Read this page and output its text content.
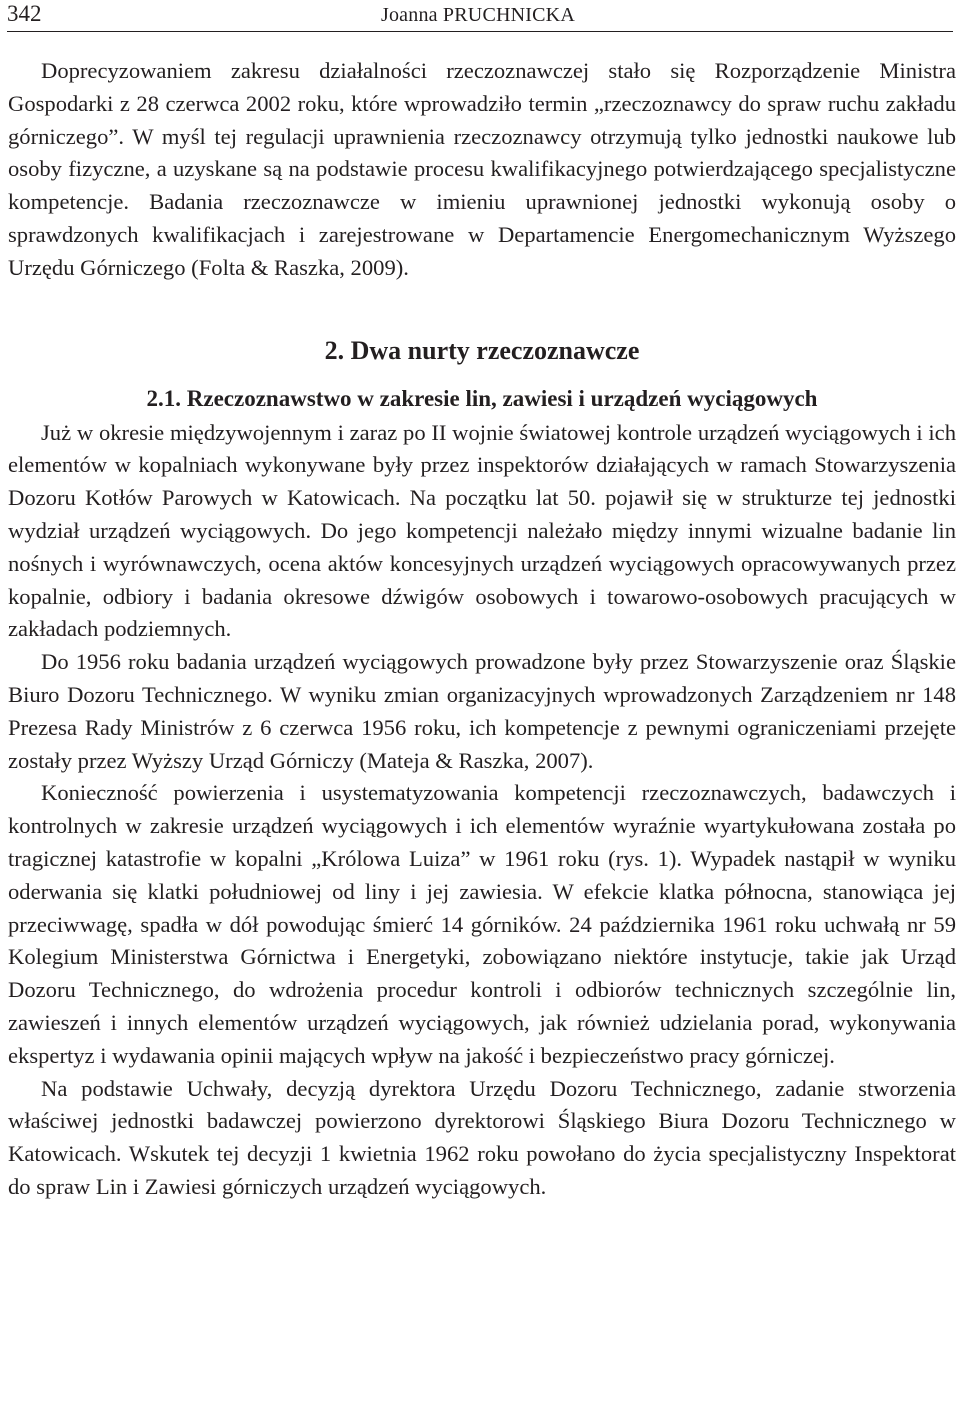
342	Joanna PRUCHNICKA

Doprecyzowaniem zakresu działalności rzeczoznawczej stało się Rozporządzenie Ministra Gospodarki z 28 czerwca 2002 roku, które wprowadziło termin „rzeczoznawcy do spraw ruchu zakładu górniczego”. W myśl tej regulacji uprawnienia rzeczoznawcy otrzymują tylko jednostki naukowe lub osoby fizyczne, a uzyskane są na podstawie procesu kwalifikacyjnego potwierdzającego specjalistyczne kompetencje. Badania rzeczoznawcze w imieniu uprawnionej jednostki wykonują osoby o sprawdzonych kwalifikacjach i zarejestrowane w Departamencie Energomechanicznym Wyższego Urzędu Górniczego (Folta & Raszka, 2009).

2. Dwa nurty rzeczoznawcze
2.1. Rzeczoznawstwo w zakresie lin, zawiesi i urządzeń wyciągowych

Już w okresie międzywojennym i zaraz po II wojnie światowej kontrole urządzeń wyciągowych i ich elementów w kopalniach wykonywane były przez inspektorów działających w ramach Stowarzyszenia Dozoru Kotłów Parowych w Katowicach. Na początku lat 50. pojawił się w strukturze tej jednostki wydział urządzeń wyciągowych. Do jego kompetencji należało między innymi wizualne badanie lin nośnych i wyrównawczych, ocena aktów koncesyjnych urządzeń wyciągowych opracowywanych przez kopalnie, odbiory i badania okresowe dźwigów osobowych i towarowo-osobowych pracujących w zakładach podziemnych.

Do 1956 roku badania urządzeń wyciągowych prowadzone były przez Stowarzyszenie oraz Śląskie Biuro Dozoru Technicznego. W wyniku zmian organizacyjnych wprowadzonych Zarządzeniem nr 148 Prezesa Rady Ministrów z 6 czerwca 1956 roku, ich kompetencje z pewnymi ograniczeniami przejęte zostały przez Wyższy Urząd Górniczy (Mateja & Raszka, 2007).

Konieczność powierzenia i usystematyzowania kompetencji rzeczoznawczych, badawczych i kontrolnych w zakresie urządzeń wyciągowych i ich elementów wyraźnie wyartykułowana została po tragicznej katastrofie w kopalni „Królowa Luiza” w 1961 roku (rys. 1). Wypadek nastąpił w wyniku oderwania się klatki południowej od liny i jej zawiesia. W efekcie klatka północna, stanowiąca jej przeciwwagę, spadła w dół powodując śmierć 14 górników. 24 października 1961 roku uchwałą nr 59 Kolegium Ministerstwa Górnictwa i Energetyki, zobowiązano niektóre instytucje, takie jak Urząd Dozoru Technicznego, do wdrożenia procedur kontroli i odbiorów technicznych szczególnie lin, zawieszeń i innych elementów urządzeń wyciągowych, jak również udzielania porad, wykonywania ekspertyz i wydawania opinii mających wpływ na jakość i bezpieczeństwo pracy górniczej.

Na podstawie Uchwały, decyzją dyrektora Urzędu Dozoru Technicznego, zadanie stworzenia właściwej jednostki badawczej powierzono dyrektorowi Śląskiego Biura Dozoru Technicznego w Katowicach. Wskutek tej decyzji 1 kwietnia 1962 roku powołano do życia specjalistyczny Inspektorat do spraw Lin i Zawiesi górniczych urządzeń wyciągowych.
